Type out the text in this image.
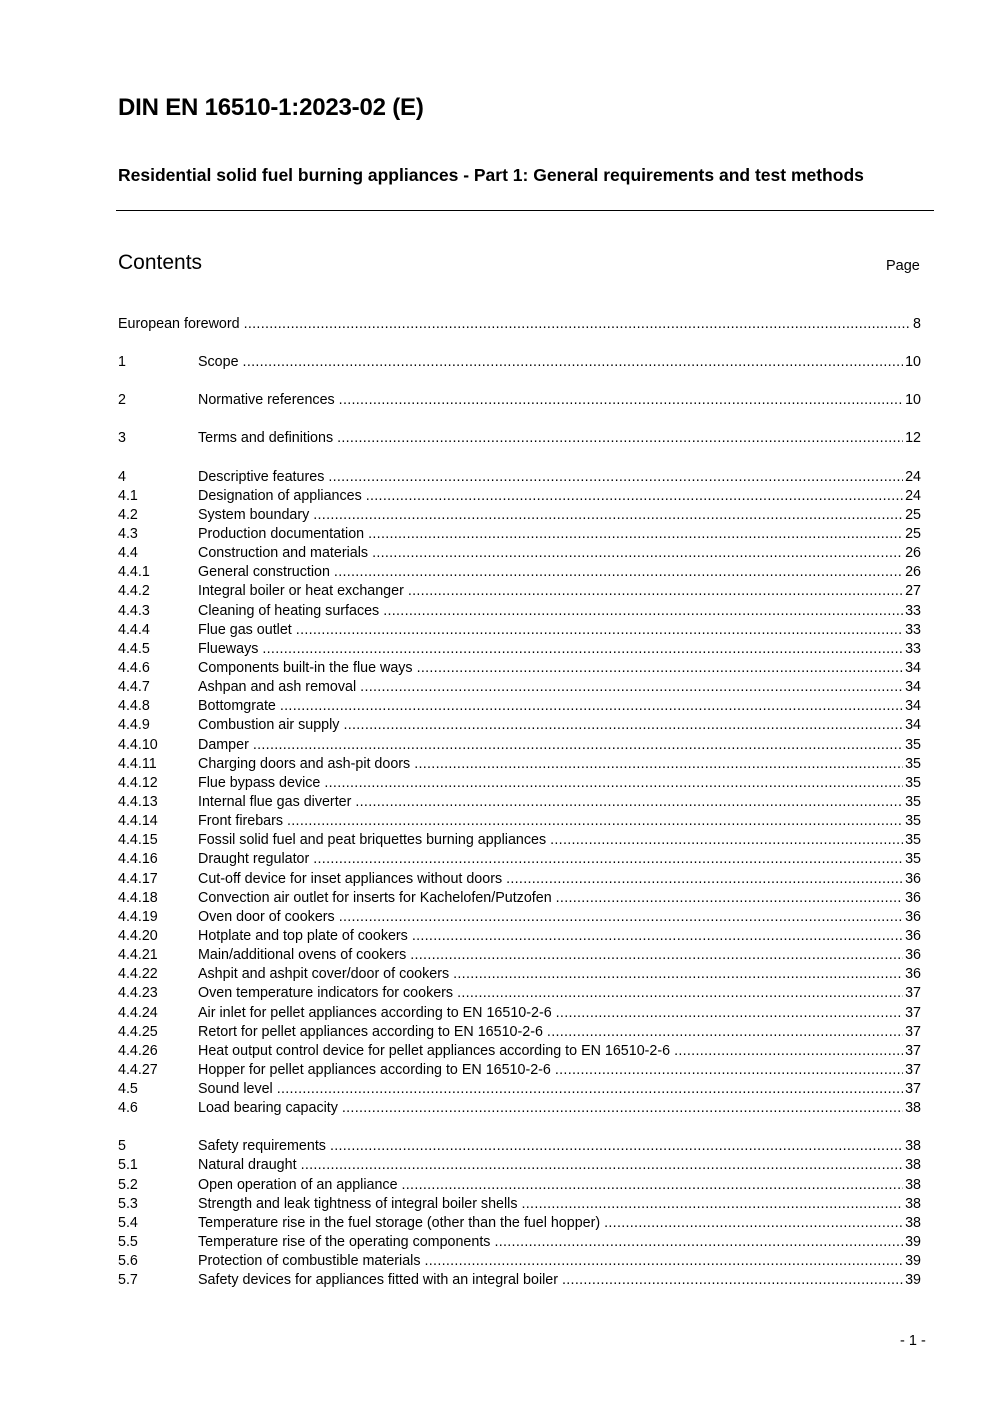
DIN EN 16510-1:2023-02 (E)
Residential solid fuel burning appliances - Part 1: General requirements and test methods
Contents	Page
European foreword .....	8
1	Scope .....	10
2	Normative references .....	10
3	Terms and definitions .....	12
4	Descriptive features .....	24
4.1	Designation of appliances .....	24
4.2	System boundary .....	25
4.3	Production documentation .....	25
4.4	Construction and materials .....	26
4.4.1	General construction .....	26
4.4.2	Integral boiler or heat exchanger .....	27
4.4.3	Cleaning of heating surfaces .....	33
4.4.4	Flue gas outlet .....	33
4.4.5	Flueways .....	33
4.4.6	Components built-in the flue ways .....	34
4.4.7	Ashpan and ash removal .....	34
4.4.8	Bottomgrate .....	34
4.4.9	Combustion air supply .....	34
4.4.10	Damper .....	35
4.4.11	Charging doors and ash-pit doors .....	35
4.4.12	Flue bypass device .....	35
4.4.13	Internal flue gas diverter .....	35
4.4.14	Front firebars .....	35
4.4.15	Fossil solid fuel and peat briquettes burning appliances .....	35
4.4.16	Draught regulator .....	35
4.4.17	Cut-off device for inset appliances without doors .....	36
4.4.18	Convection air outlet for inserts for Kachelofen/Putzofen .....	36
4.4.19	Oven door of cookers .....	36
4.4.20	Hotplate and top plate of cookers .....	36
4.4.21	Main/additional ovens of cookers .....	36
4.4.22	Ashpit and ashpit cover/door of cookers .....	36
4.4.23	Oven temperature indicators for cookers .....	37
4.4.24	Air inlet for pellet appliances according to EN 16510-2-6 .....	37
4.4.25	Retort for pellet appliances according to EN 16510-2-6 .....	37
4.4.26	Heat output control device for pellet appliances according to EN 16510-2-6 .....	37
4.4.27	Hopper for pellet appliances according to EN 16510-2-6 .....	37
4.5	Sound level .....	37
4.6	Load bearing capacity .....	38
5	Safety requirements .....	38
5.1	Natural draught .....	38
5.2	Open operation of an appliance .....	38
5.3	Strength and leak tightness of integral boiler shells .....	38
5.4	Temperature rise in the fuel storage (other than the fuel hopper) .....	38
5.5	Temperature rise of the operating components .....	39
5.6	Protection of combustible materials .....	39
5.7	Safety devices for appliances fitted with an integral boiler .....	39
- 1 -
